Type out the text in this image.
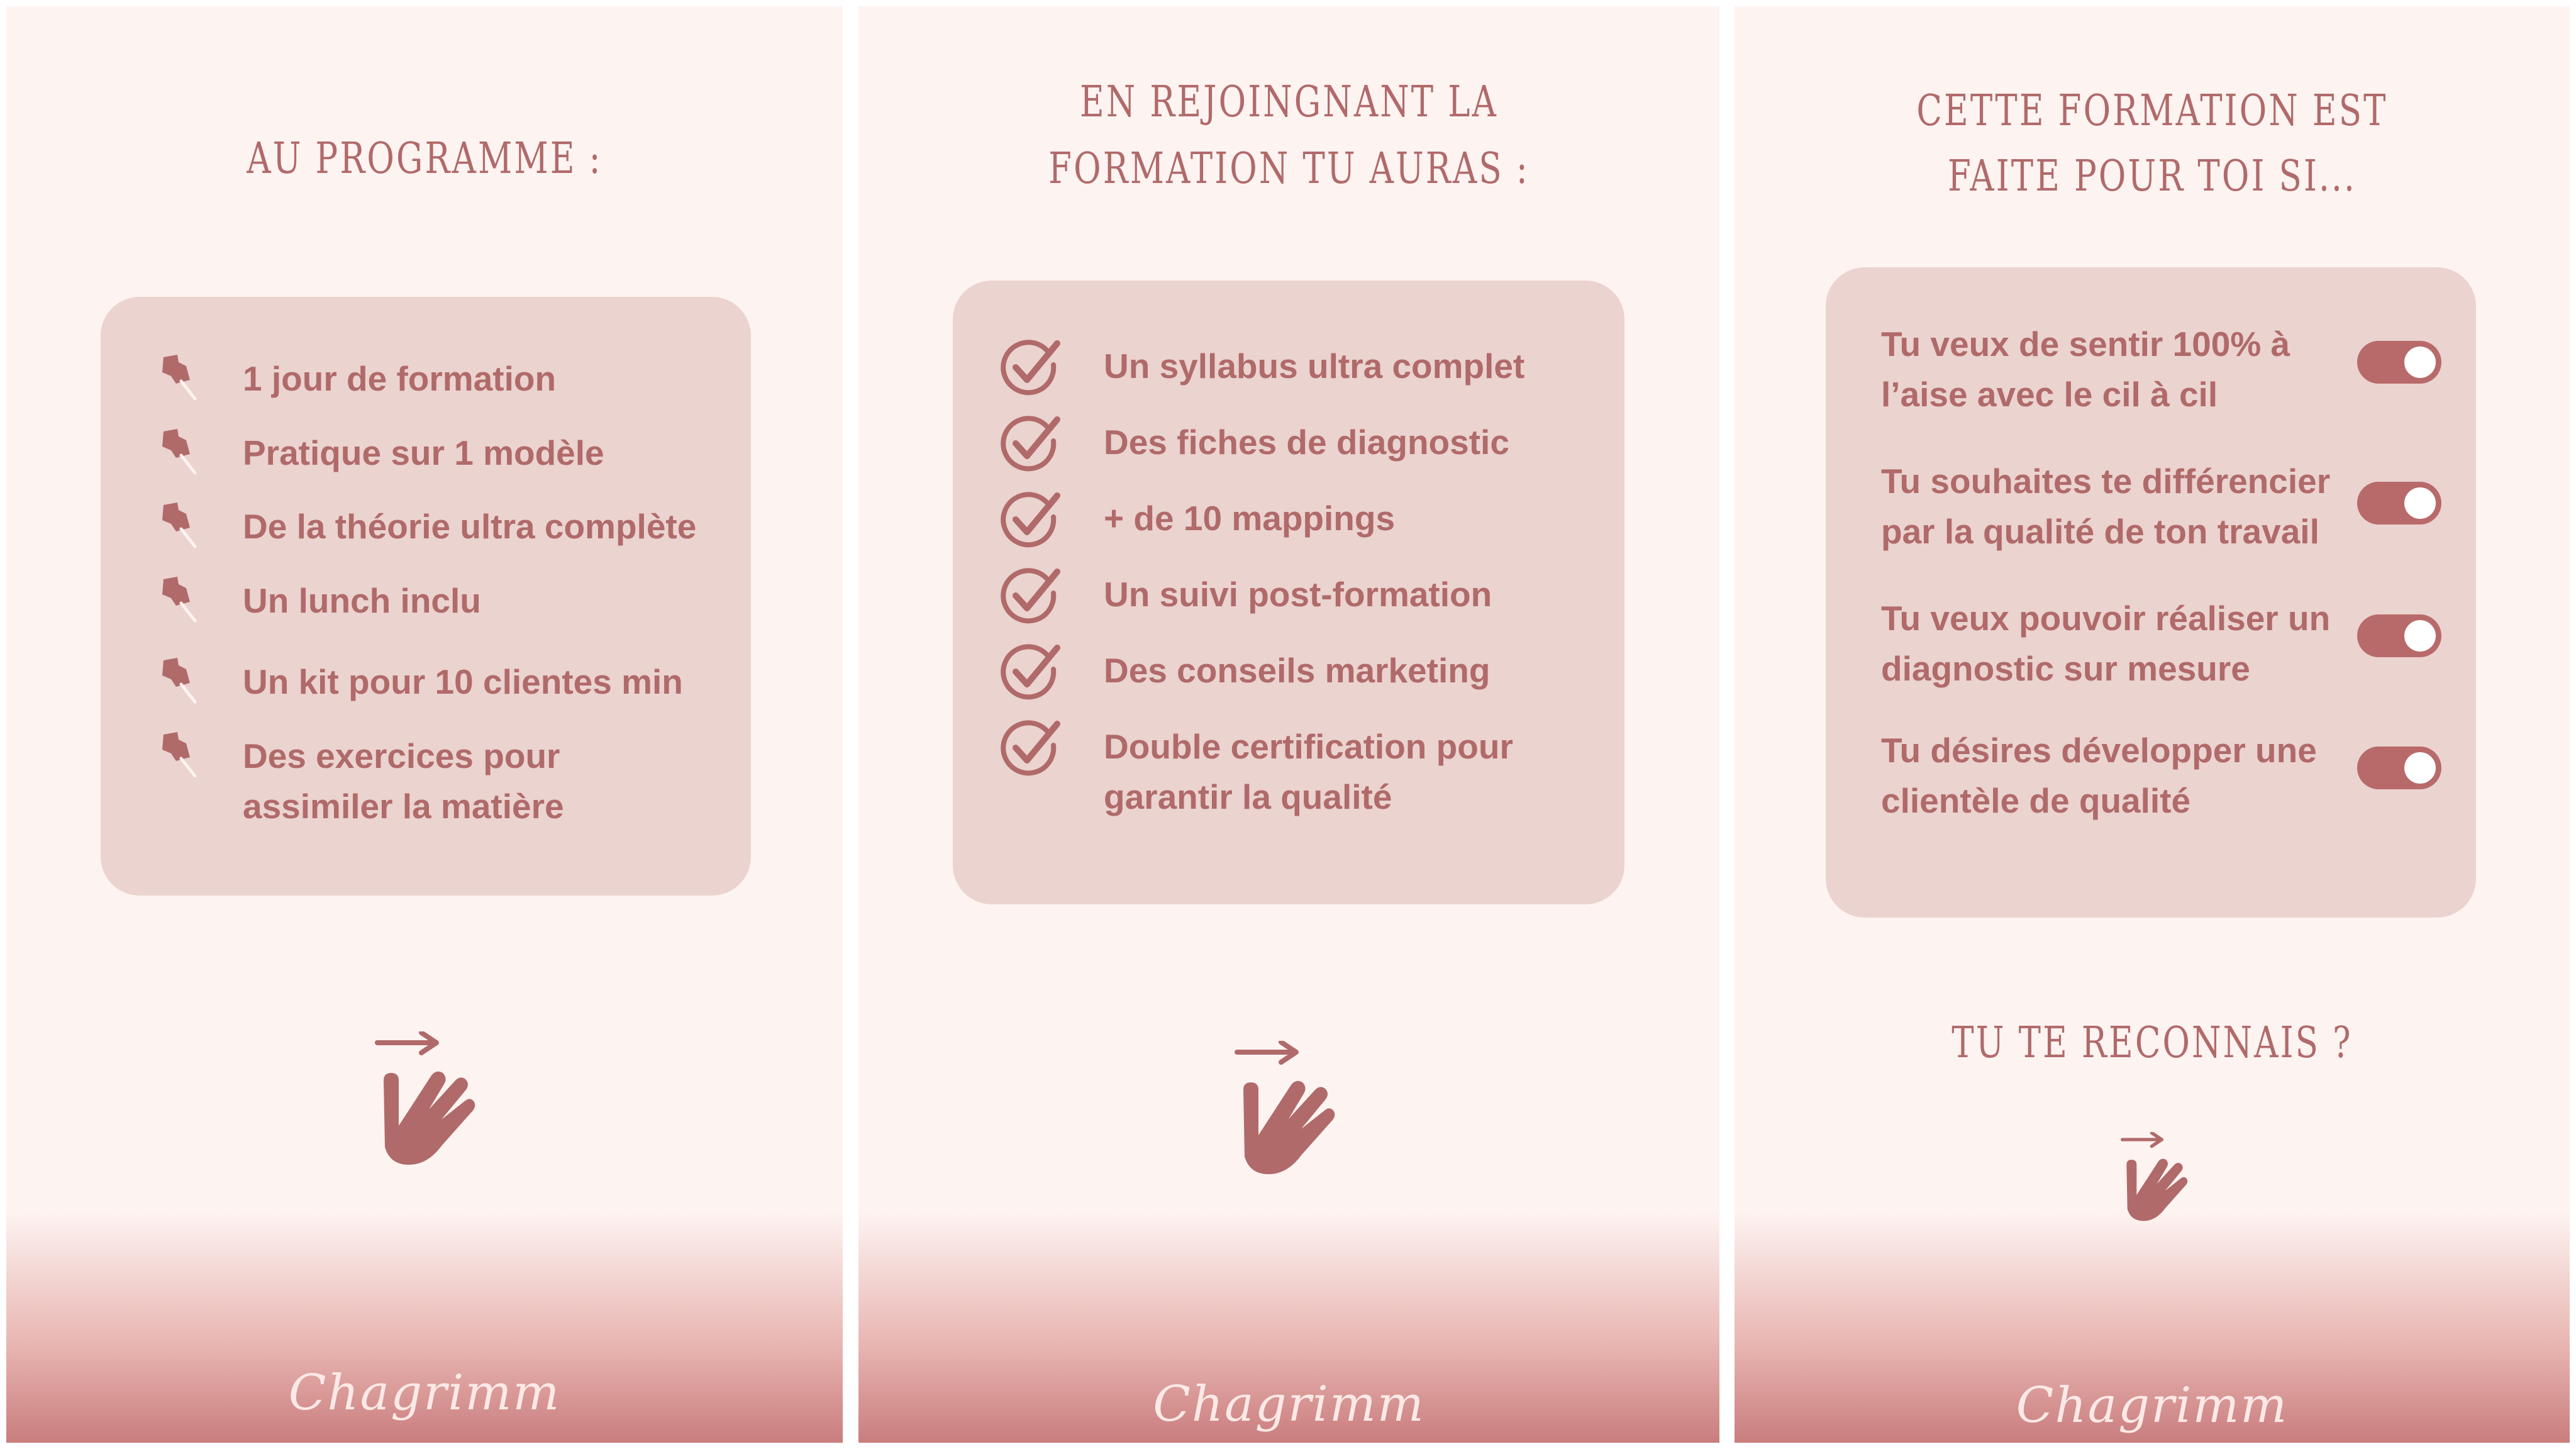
AU PROGRAMME :
1 jour de formation
Pratique sur 1 modèle
De la théorie ultra complète
Un lunch inclu
Un kit pour 10 clientes min
Des exercices pour assimiler la matière
Chagrimm
EN REJOINGNANT LA
FORMATION TU AURAS :
Un syllabus ultra complet
Des fiches de diagnostic
+ de 10 mappings
Un suivi post-formation
Des conseils marketing
Double certification pour garantir la qualité
Chagrimm
CETTE FORMATION EST
FAITE POUR TOI SI...
Tu veux de sentir 100% à l’aise avec le cil à cil
Tu souhaites te différencier par la qualité de ton travail
Tu veux pouvoir réaliser un diagnostic sur mesure
Tu désires développer une clientèle de qualité
TU TE RECONNAIS ?
Chagrimm
